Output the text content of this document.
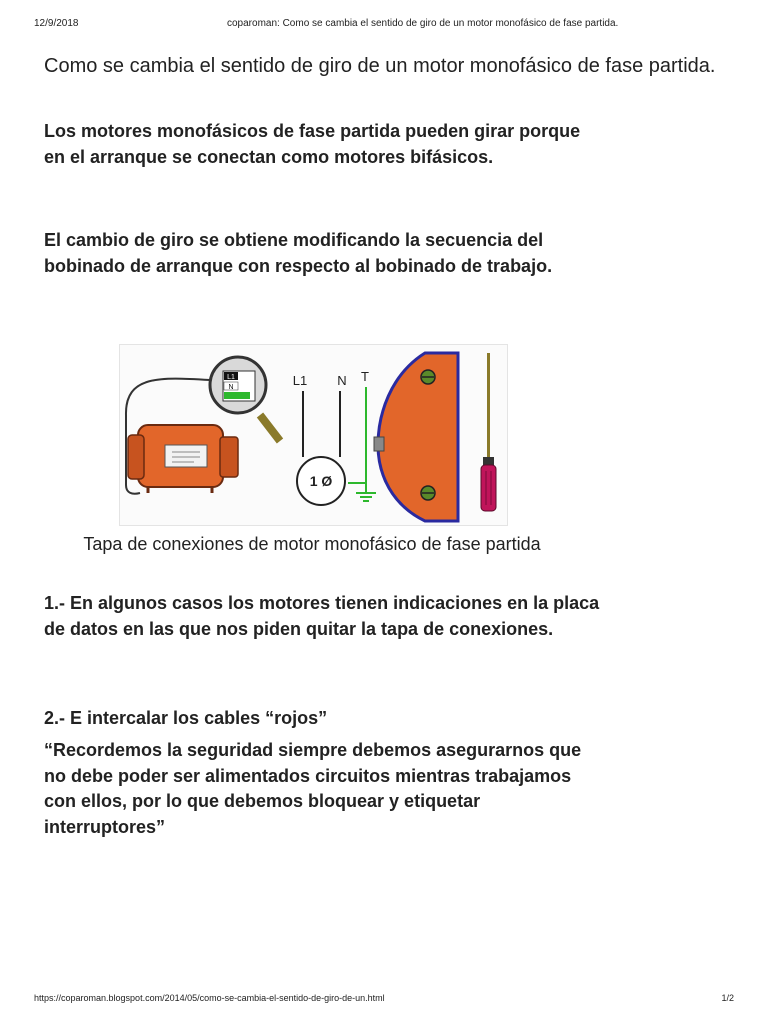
12/9/2018	coparoman: Como se cambia el sentido de giro de un motor monofásico de fase partida.
Como se cambia el sentido de giro de un motor monofásico de fase partida.
Los motores monofásicos de fase partida pueden girar porque en el arranque se conectan como motores bifásicos.
El cambio de giro se obtiene modificando la secuencia del bobinado de arranque con respecto al bobinado de trabajo.
L1
N	L1 N T
1 Ø
Tapa de conexiones de motor monofásico de fase partida
1.- En algunos casos los motores tienen indicaciones en la placa de datos en las que nos piden quitar la tapa de conexiones.
2.- E intercalar los cables “rojos”
“Recordemos la seguridad siempre debemos asegurarnos que no debe poder ser alimentados circuitos mientras trabajamos con ellos, por lo que debemos bloquear y etiquetar interruptores”
https://coparoman.blogspot.com/2014/05/como-se-cambia-el-sentido-de-giro-de-un.html	1/2
